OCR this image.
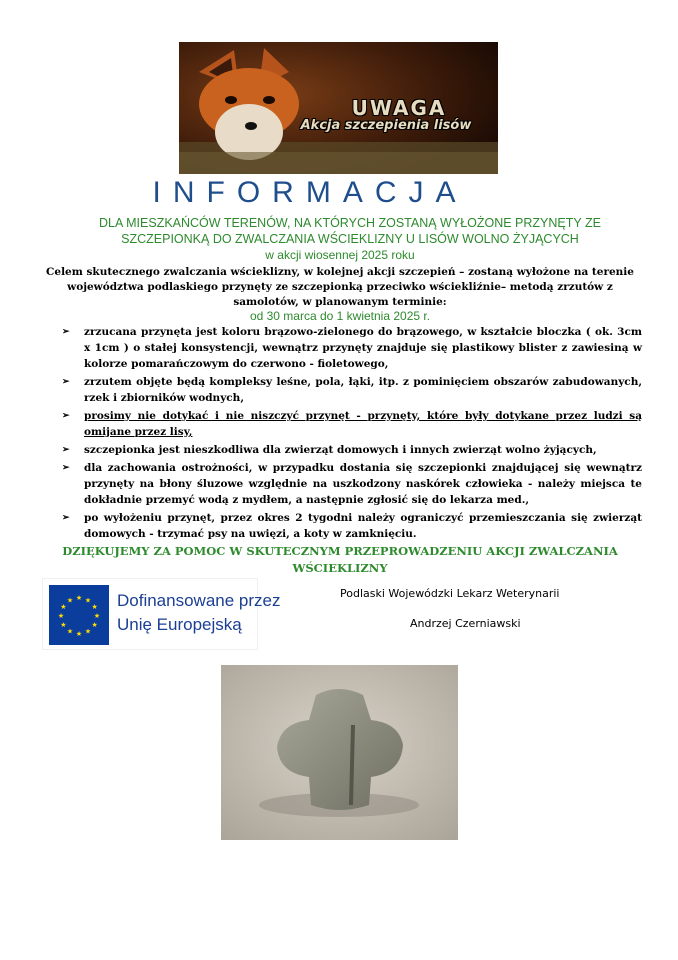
UWAGA
Akcja szczepienia lisów
INFORMACJA
DLA MIESZKAŃCÓW TERENÓW, NA KTÓRYCH ZOSTANĄ WYŁOŻONE PRZYNĘTY ZE SZCZEPIONKĄ DO ZWALCZANIA WŚCIEKLIZNY U LISÓW WOLNO ŻYJĄCYCH
w akcji wiosennej 2025 roku
Celem skutecznego zwalczania wścieklizny, w kolejnej akcji szczepień – zostaną wyłożone na terenie województwa podlaskiego przynęty ze szczepionką przeciwko wściekliźnie– metodą zrzutów z samolotów, w planowanym terminie:
od 30 marca do 1 kwietnia 2025 r.
➢ zrzucana przynęta jest koloru brązowo-zielonego do brązowego, w kształcie bloczka ( ok. 3cm x 1cm ) o stałej konsystencji, wewnątrz przynęty znajduje się plastikowy blister z zawiesiną w kolorze pomarańczowym do czerwono - fioletowego,
➢ zrzutem objęte będą kompleksy leśne, pola, łąki, itp. z pominięciem obszarów zabudowanych, rzek i zbiorników wodnych,
➢ prosimy nie dotykać i nie niszczyć przynęt - przynęty, które były dotykane przez ludzi są omijane przez lisy,
➢ szczepionka jest nieszkodliwa dla zwierząt domowych i innych zwierząt wolno żyjących,
➢ dla zachowania ostrożności, w przypadku dostania się szczepionki znajdującej się wewnątrz przynęty na błony śluzowe względnie na uszkodzony naskórek człowieka - należy miejsca te dokładnie przemyć wodą z mydłem, a następnie zgłosić się do lekarza med.,
➢ po wyłożeniu przynęt, przez okres 2 tygodni należy ograniczyć przemieszczania się zwierząt domowych - trzymać psy na uwięzi, a koty w zamknięciu.
DZIĘKUJEMY ZA POMOC W SKUTECZNYM PRZEPROWADZENIU AKCJI ZWALCZANIA WŚCIEKLIZNY
★ ★
★
★
★
★
★
★
★
★
★
★	Dofinansowane przez
Unię Europejską
Podlaski Wojewódzki Lekarz Weterynarii
Andrzej Czerniawski
